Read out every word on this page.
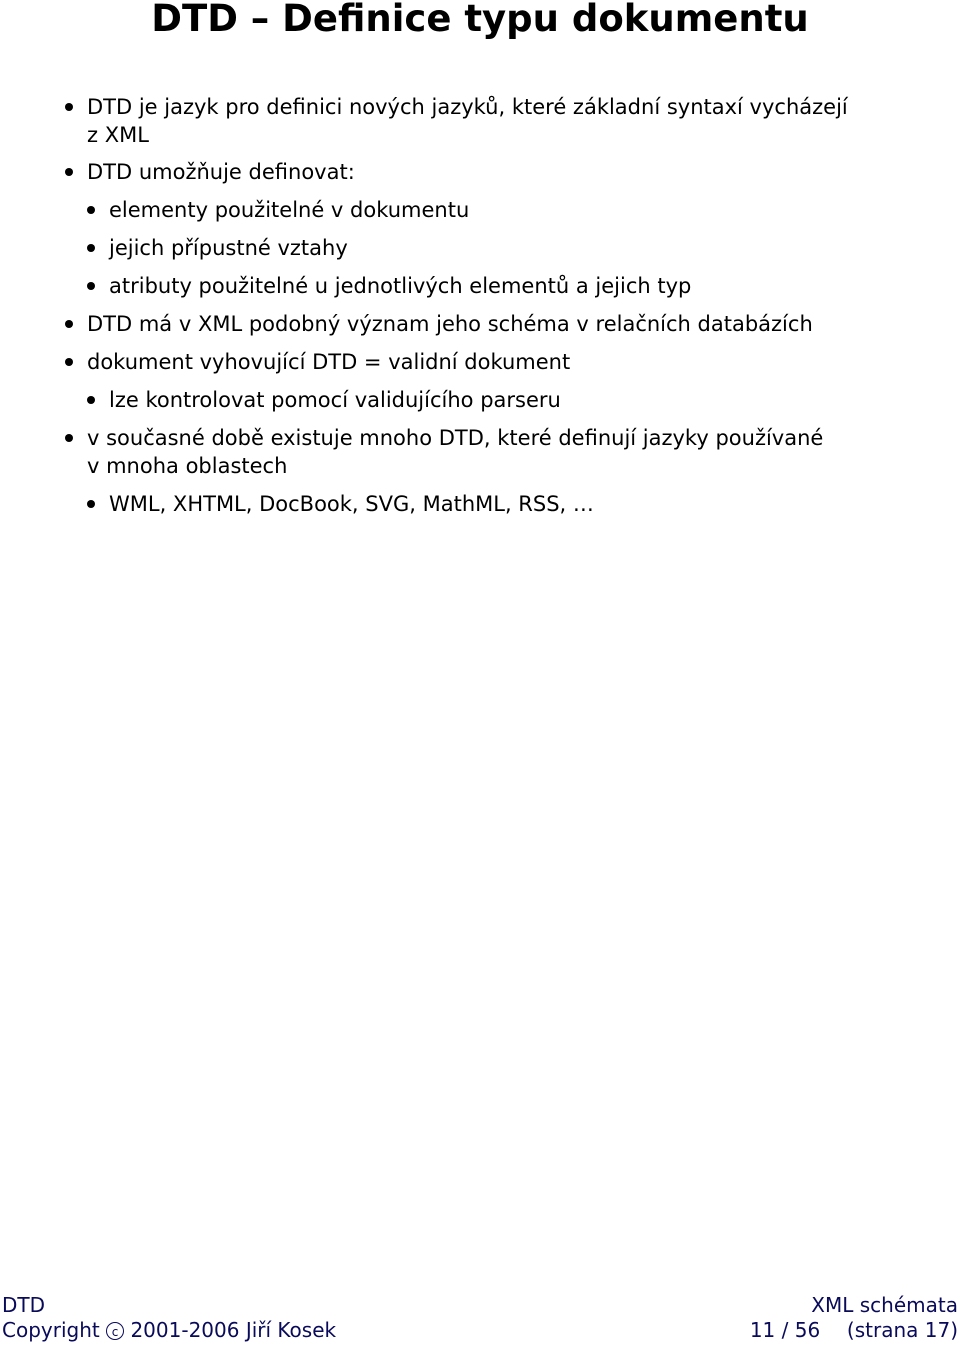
DTD – Definice typu dokumentu
DTD je jazyk pro definici nových jazyků, které základní syntaxí vycházejí
z XML
DTD umožňuje definovat:
elementy použitelné v dokumentu
jejich přípustné vztahy
atributy použitelné u jednotlivých elementů a jejich typ
DTD má v XML podobný význam jeho schéma v relačních databázích
dokument vyhovující DTD = validní dokument
lze kontrolovat pomocí validujícího parseru
v současné době existuje mnoho DTD, které definují jazyky používané
v mnoha oblastech
WML, XHTML, DocBook, SVG, MathML, RSS, …
DTD	XML schémata
Copyright c 2001-2006 Jiří Kosek	11 / 56 (strana 17)
